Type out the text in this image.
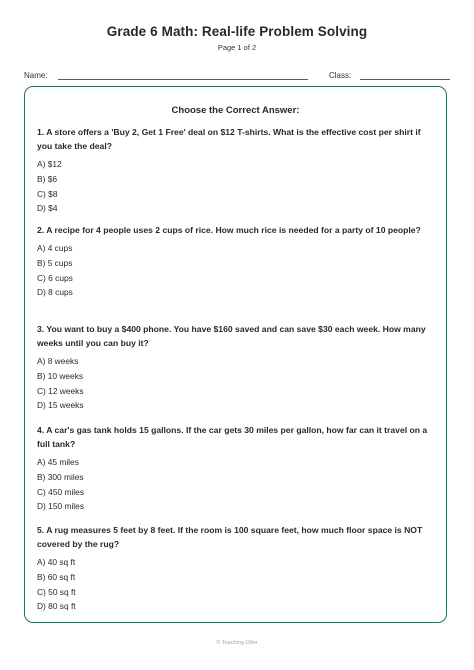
Grade 6 Math: Real-life Problem Solving
Page 1 of 2
Name:	Class:
Choose the Correct Answer:
1. A store offers a 'Buy 2, Get 1 Free' deal on $12 T-shirts. What is the effective cost per shirt if you take the deal?
A) $12
B) $6
C) $8
D) $4
2. A recipe for 4 people uses 2 cups of rice. How much rice is needed for a party of 10 people?
A) 4 cups
B) 5 cups
C) 6 cups
D) 8 cups
3. You want to buy a $400 phone. You have $160 saved and can save $30 each week. How many weeks until you can buy it?
A) 8 weeks
B) 10 weeks
C) 12 weeks
D) 15 weeks
4. A car's gas tank holds 15 gallons. If the car gets 30 miles per gallon, how far can it travel on a full tank?
A) 45 miles
B) 300 miles
C) 450 miles
D) 150 miles
5. A rug measures 5 feet by 8 feet. If the room is 100 square feet, how much floor space is NOT covered by the rug?
A) 40 sq ft
B) 60 sq ft
C) 50 sq ft
D) 80 sq ft
© Teaching Otter
